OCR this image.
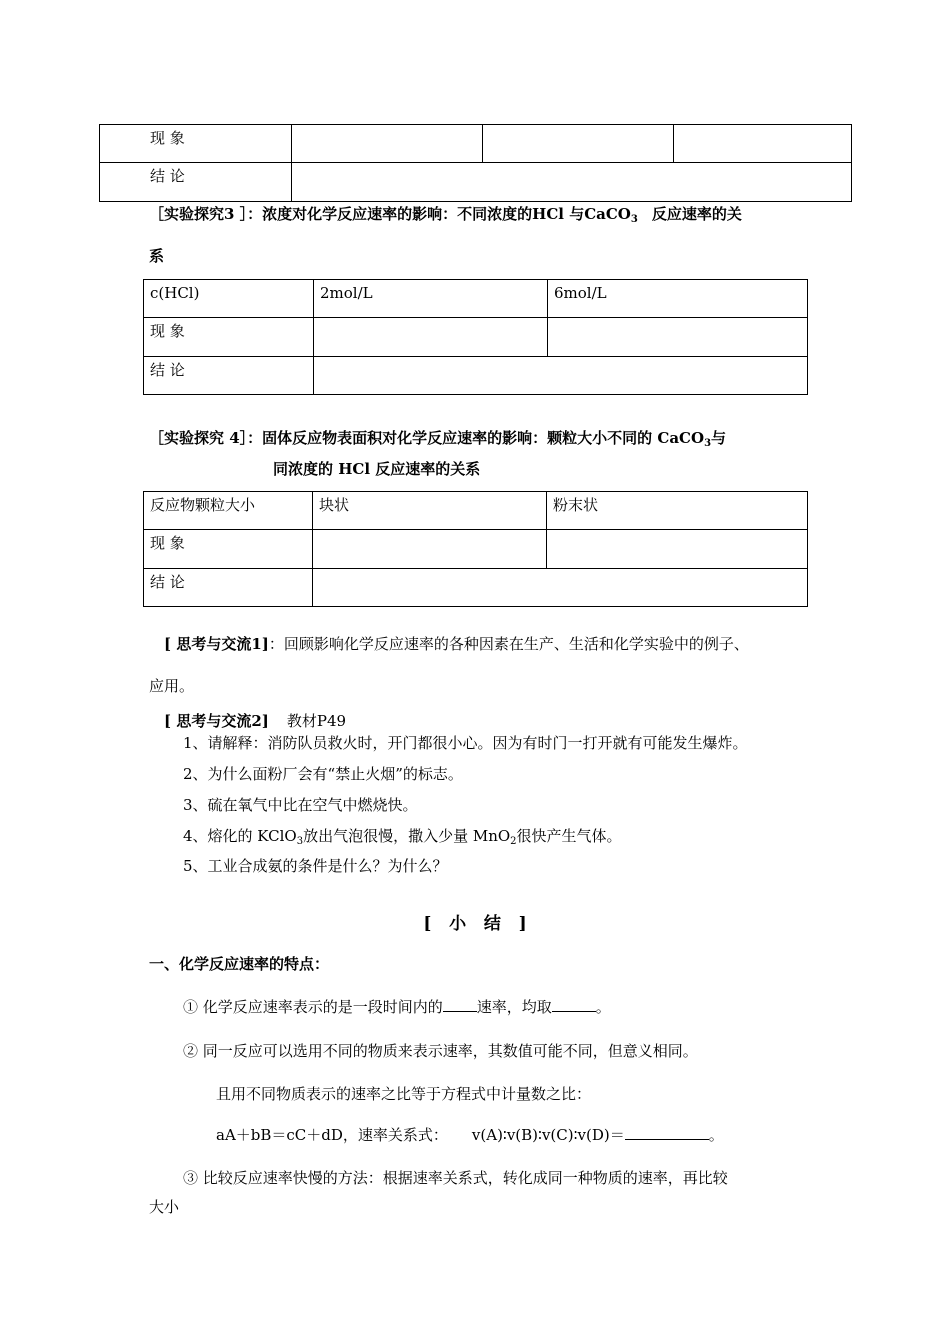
现 象			
结 论			
［实验探究3 ］：浓度对化学反应速率的影响：不同浓度的HCl 与CaCO$_3$ 反应速率的关
系
c(HCl)	2mol/L	6mol/L
现 象		
结 论		
［实验探究 4］：固体反应物表面积对化学反应速率的影响：颗粒大小不同的 CaCO$_3$与
同浓度的 HCl 反应速率的关系
反应物颗粒大小	块状	粉末状
现 象		
结 论		
[ 思考与交流1]：回顾影响化学反应速率的各种因素在生产、生活和化学实验中的例子、
应用。
[ 思考与交流2] 教材P49
1、请解释：消防队员救火时，开门都很小心。因为有时门一打开就有可能发生爆炸。
2、为什么面粉厂会有“禁止火烟”的标志。
3、硫在氧气中比在空气中燃烧快。
4、熔化的 KClO$_3$放出气泡很慢，撒入少量 MnO$_2$很快产生气体。
5、工业合成氨的条件是什么？为什么？
[   小   结   ]
一、化学反应速率的特点：
① 化学反应速率表示的是一段时间内的 速率，均取	。
② 同一反应可以选用不同的物质来表示速率，其数值可能不同，但意义相同。
且用不同物质表示的速率之比等于方程式中计量数之比：
aA＋bB＝cC＋dD，速率关系式： v(A)∶v(B)∶v(C)∶v(D)＝	。
③ 比较反应速率快慢的方法：根据速率关系式，转化成同一种物质的速率，再比较
大小
